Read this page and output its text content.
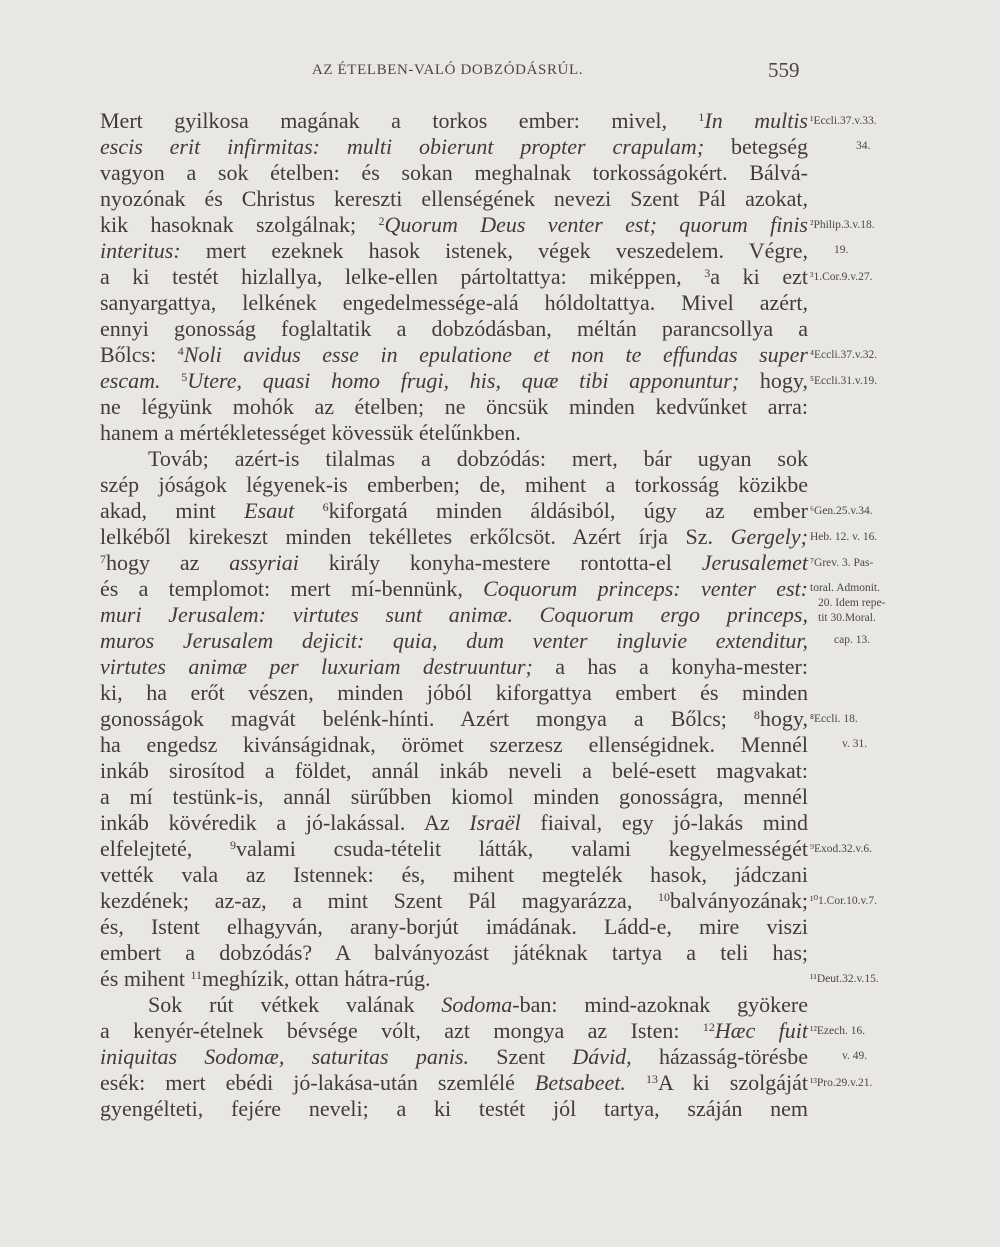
AZ ÉTELBEN-VALÓ DOBZÓDÁSRÚL.	559
Mert gyilkosa magának a torkos ember: mivel, $^1$In multis
escis erit infirmitas: multi obierunt propter crapulam; betegség
vagyon a sok ételben: és sokan meghalnak torkosságokért. Bálvá-
nyozónak és Christus kereszti ellenségének nevezi Szent Pál azokat,
kik hasoknak szolgálnak; $^2$Quorum Deus venter est; quorum finis
interitus: mert ezeknek hasok istenek, végek veszedelem. Végre,
a ki testét hizlallya, lelke-ellen pártoltattya: miképpen, $^3$a ki ezt
sanyargattya, lelkének engedelmessége-alá hóldoltattya. Mivel azért,
ennyi gonosság foglaltatik a dobzódásban, méltán parancsollya a
Bőlcs: $^4$Noli avidus esse in epulatione et non te effundas super
escam. $^5$Utere, quasi homo frugi, his, quæ tibi apponuntur; hogy,
ne légyünk mohók az ételben; ne öncsük minden kedvűnket arra:
hanem a mértékletességet kövessük ételűnkben.
Továb; azért-is tilalmas a dobzódás: mert, bár ugyan sok
szép jóságok légyenek-is emberben; de, mihent a torkosság közikbe
akad, mint Esaut $^6$kiforgatá minden áldásiból, úgy az ember
lelkéből kirekeszt minden tekélletes erkőlcsöt. Azért írja Sz. Gergely;
$^7$hogy az assyriai király konyha-mestere rontotta-el Jerusalemet
és a templomot: mert mí-bennünk, Coquorum princeps: venter est:
muri Jerusalem: virtutes sunt animæ. Coquorum ergo princeps,
muros Jerusalem dejicit: quia, dum venter ingluvie extenditur,
virtutes animæ per luxuriam destruuntur; a has a konyha-mester:
ki, ha erőt vészen, minden jóból kiforgattya embert és minden
gonosságok magvát belénk-hínti. Azért mongya a Bőlcs; $^8$hogy,
ha engedsz kivánságidnak, örömet szerzesz ellenségidnek. Mennél
inkáb sirosítod a földet, annál inkáb neveli a belé-esett magvakat:
a mí testünk-is, annál sürűbben kiomol minden gonosságra, mennél
inkáb kövéredik a jó-lakással. Az Israël fiaival, egy jó-lakás mind
elfelejteté, $^9$valami csuda-tételit látták, valami kegyelmességét
vették vala az Istennek: és, mihent megtelék hasok, jádczani
kezdének; az-az, a mint Szent Pál magyarázza, $^{10}$balványozának;
és, Istent elhagyván, arany-borjút imádának. Ládd-e, mire viszi
embert a dobzódás? A balványozást játéknak tartya a teli has;
és mihent $^{11}$meghízik, ottan hátra-rúg.
Sok rút vétkek valának Sodoma-ban: mind-azoknak gyökere
a kenyér-ételnek bévsége vólt, azt mongya az Isten: $^{12}$Hæc fuit
iniquitas Sodomæ, saturitas panis. Szent Dávid, házasság-törésbe
esék: mert ebédi jó-lakása-után szemlélé Betsabeet. $^{13}$A ki szolgáját
gyengélteti, fejére neveli; a ki testét jól tartya, száján nem
¹Eccli.37.v.33.
34.
²Philip.3.v.18.
19.
³1.Cor.9.v.27.
⁴Eccli.37.v.32.
⁵Eccli.31.v.19.
⁶Gen.25.v.34.
Heb. 12. v. 16.
⁷Grev. 3. Pas-
toral. Admonit.
20. Idem repe-
tit 30.Moral.
cap. 13.
⁸Eccli. 18.
v. 31.
⁹Exod.32.v.6.
¹⁰1.Cor.10.v.7.
¹¹Deut.32.v.15.
¹²Ezech. 16.
v. 49.
¹³Pro.29.v.21.
